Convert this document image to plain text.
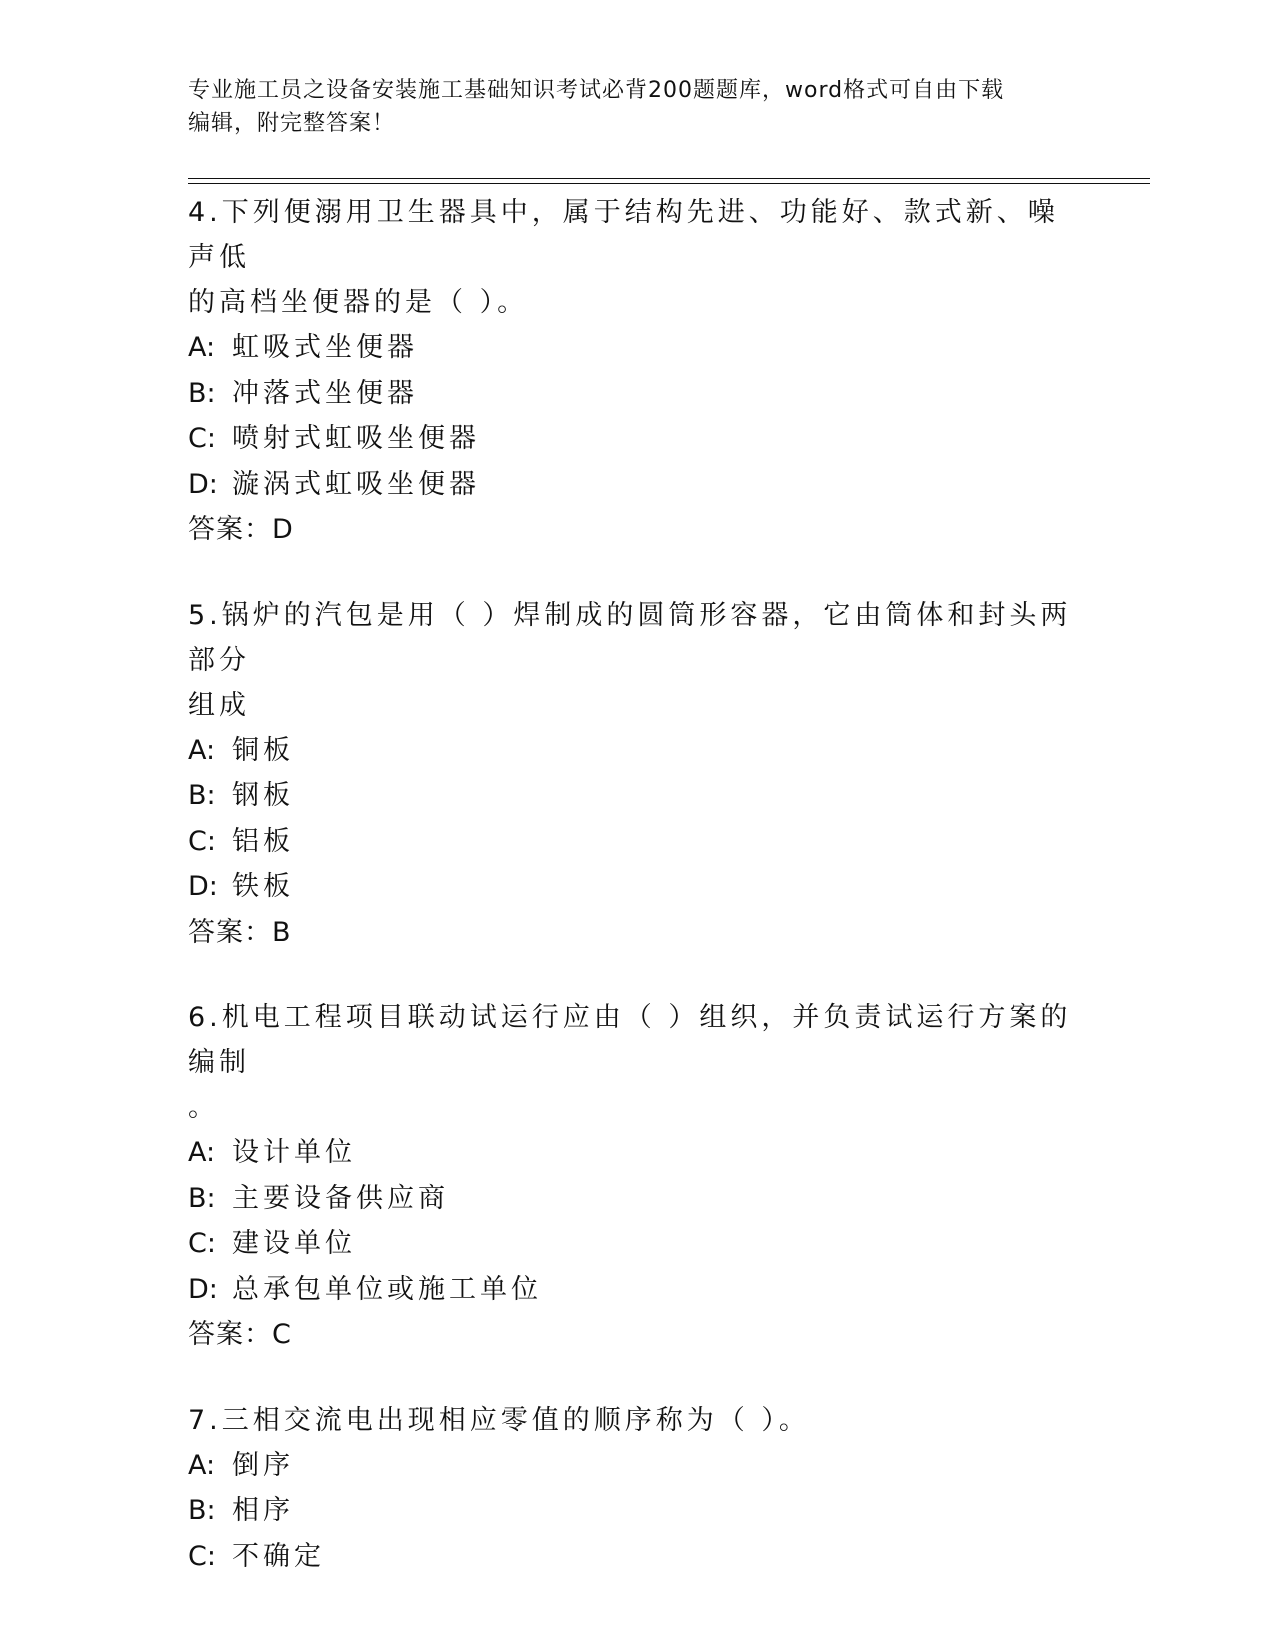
专业施工员之设备安装施工基础知识考试必背200题题库，word格式可自由下载
编辑，附完整答案！

4.下列便溺用卫生器具中，属于结构先进、功能好、款式新、噪声低

的高档坐便器的是（ ）。

A: 虹吸式坐便器

B: 冲落式坐便器

C: 喷射式虹吸坐便器

D: 漩涡式虹吸坐便器

答案：D

5.锅炉的汽包是用（ ）焊制成的圆筒形容器，它由筒体和封头两部分

组成

A: 铜板

B: 钢板

C: 铝板

D: 铁板

答案：B

6.机电工程项目联动试运行应由（ ）组织，并负责试运行方案的编制

。

A: 设计单位

B: 主要设备供应商

C: 建设单位

D: 总承包单位或施工单位

答案：C

7.三相交流电出现相应零值的顺序称为（ ）。

A: 倒序

B: 相序

C: 不确定
